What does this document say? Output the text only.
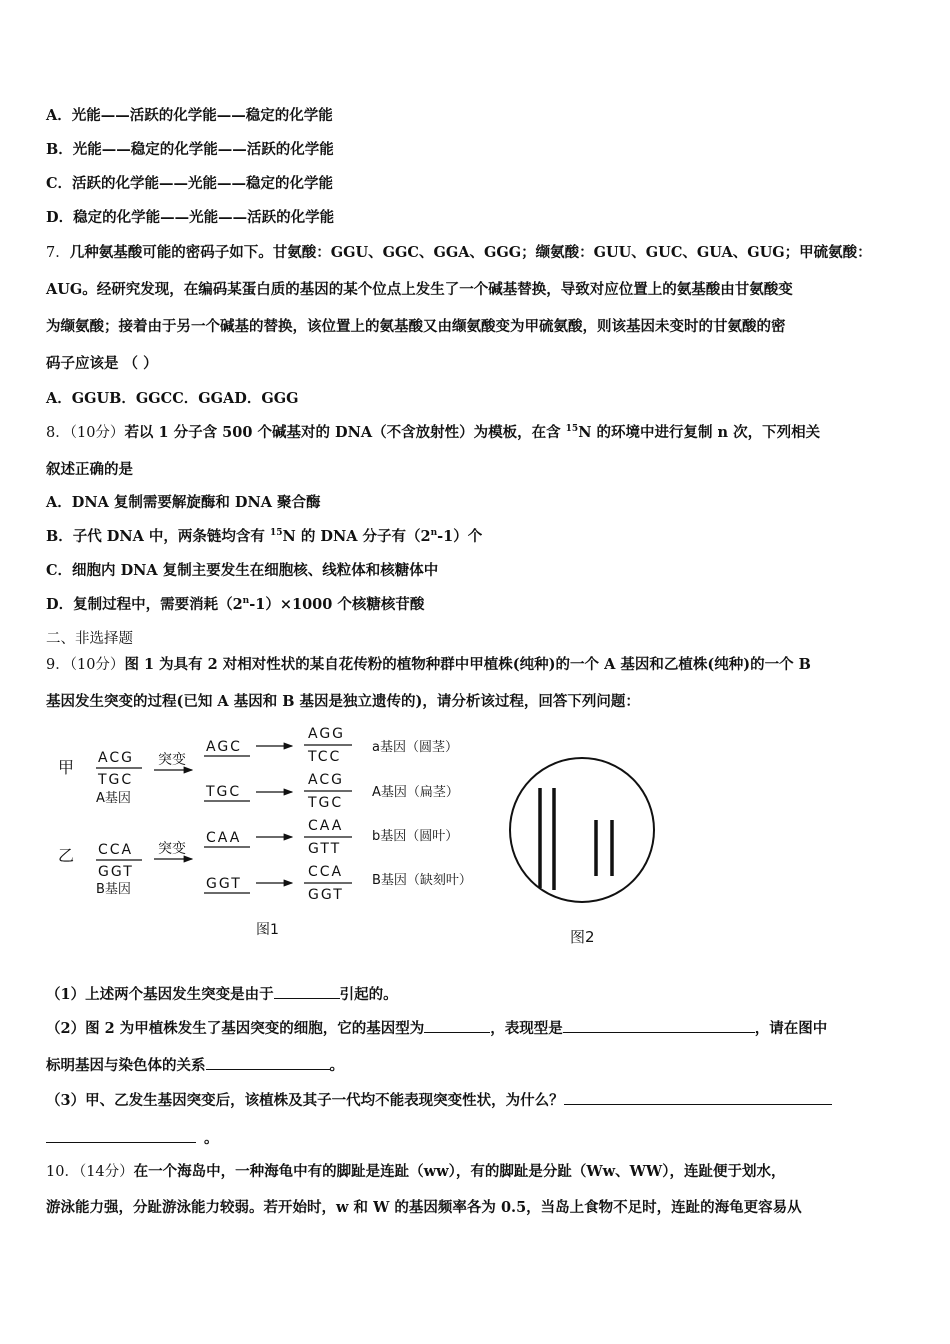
A．光能——活跃的化学能——稳定的化学能
B．光能——稳定的化学能——活跃的化学能
C．活跃的化学能——光能——稳定的化学能
D．稳定的化学能——光能——活跃的化学能
7．几种氨基酸可能的密码子如下。甘氨酸：GGU、GGC、GGA、GGG；缬氨酸：GUU、GUC、GUA、GUG；甲硫氨酸：
AUG。经研究发现，在编码某蛋白质的基因的某个位点上发生了一个碱基替换，导致对应位置上的氨基酸由甘氨酸变
为缬氨酸；接着由于另一个碱基的替换，该位置上的氨基酸又由缬氨酸变为甲硫氨酸，则该基因未变时的甘氨酸的密
码子应该是 （ ）
A．GGUB．GGCC．GGAD．GGG
8．（10分）若以 1 分子含 500 个碱基对的 DNA（不含放射性）为模板，在含 $^{15}$N 的环境中进行复制 n 次，下列相关
叙述正确的是
A．DNA 复制需要解旋酶和 DNA 聚合酶
B．子代 DNA 中，两条链均含有 $^{15}$N 的 DNA 分子有（2$^n$-1）个
C．细胞内 DNA 复制主要发生在细胞核、线粒体和核糖体中
D．复制过程中，需要消耗$(2^n-1)\times 1000$ 个核糖核苷酸
二、非选择题
9．（10分）图 1 为具有 2 对相对性状的某自花传粉的植物种群中甲植株(纯种)的一个 A 基因和乙植株(纯种)的一个 B
基因发生突变的过程(已知 A 基因和 B 基因是独立遗传的)，请分析该过程，回答下列问题：
甲 ACG
TGC
A基因
突变
AGC
AGG
TCC
a基因（圆茎）
TGC
ACG
TGC
A基因（扁茎）
乙 CCA
GGT
B基因
突变
CAA
CAA
GTT
b基因（圆叶）
GGT
CCA
GGT
B基因（缺刻叶）
图1	图2
（1）上述两个基因发生突变是由于	引起的。
（2）图 2 为甲植株发生了基因突变的细胞，它的基因型为	，表现型是	，请在图中
标明基因与染色体的关系	。
（3）甲、乙发生基因突变后，该植株及其子一代均不能表现突变性状，为什么？
。
10．（14分）在一个海岛中，一种海龟中有的脚趾是连趾（ww），有的脚趾是分趾（Ww、WW），连趾便于划水，
游泳能力强，分趾游泳能力较弱。若开始时，w 和 W 的基因频率各为 0.5，当岛上食物不足时，连趾的海龟更容易从
